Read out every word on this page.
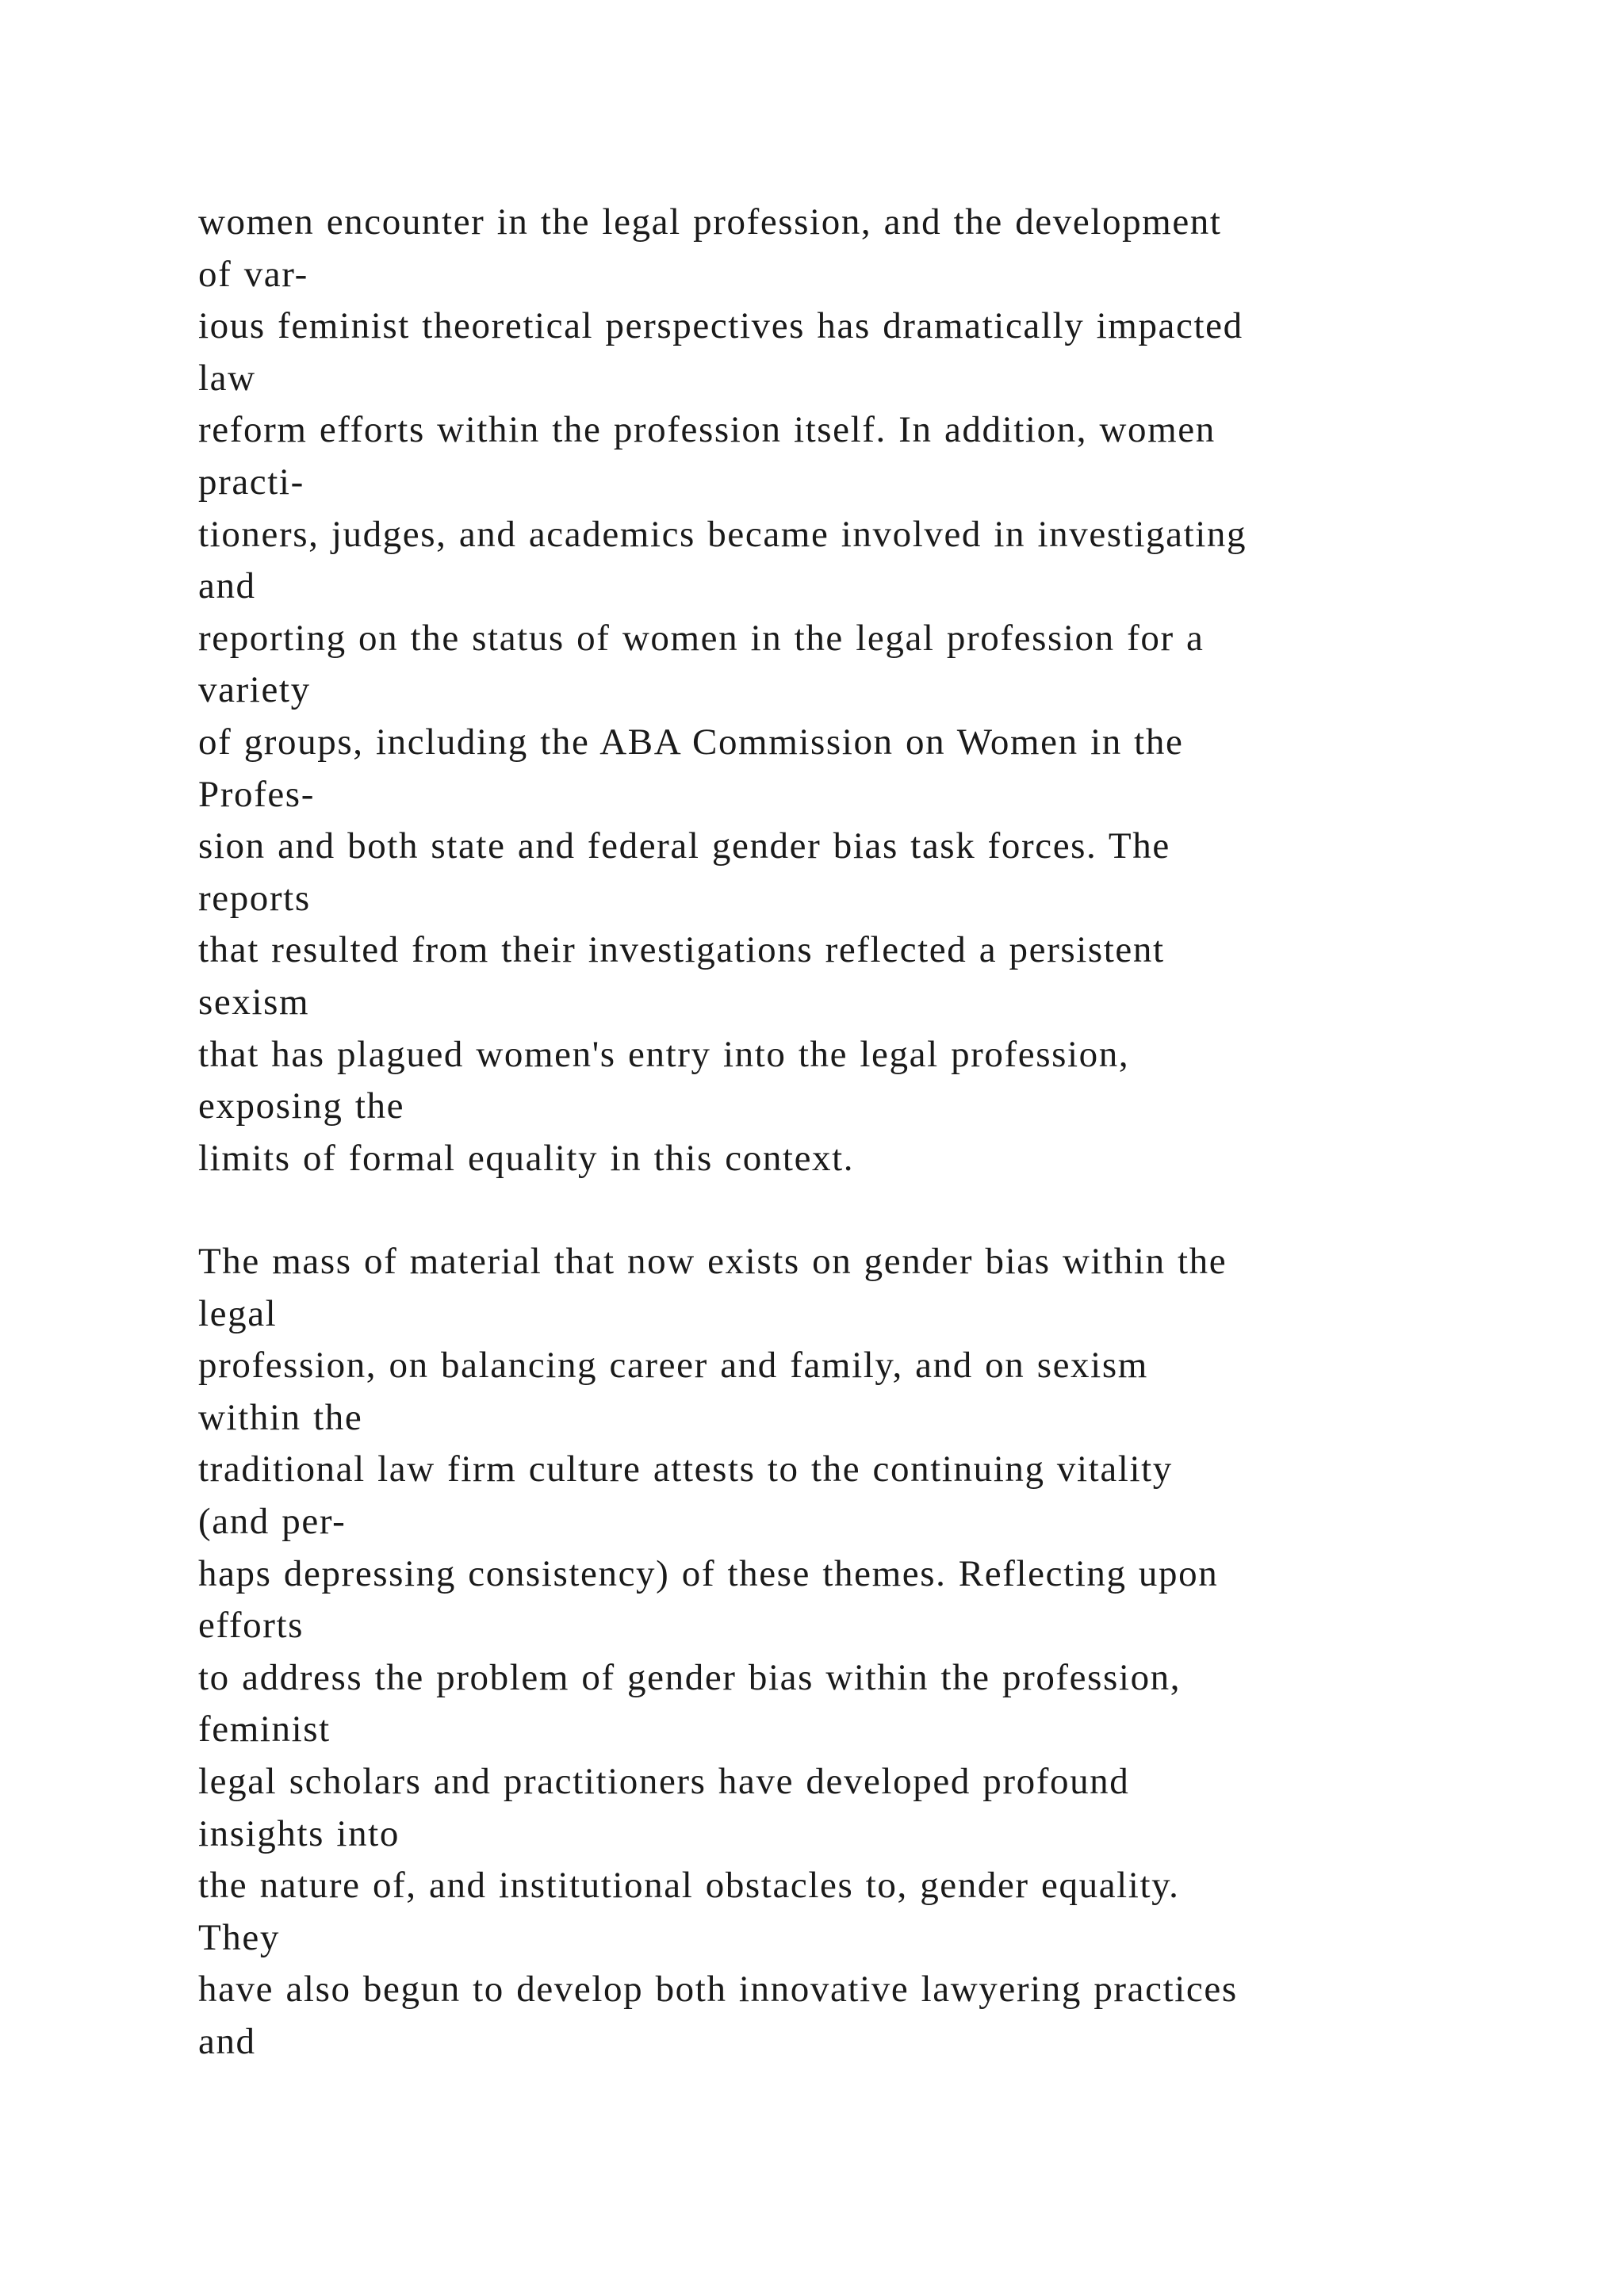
women encounter in the legal profession, and the development
of var-
ious feminist theoretical perspectives has dramatically impacted
law
reform efforts within the profession itself. In addition, women
practi-
tioners, judges, and academics became involved in investigating
and
reporting on the status of women in the legal profession for a
variety
of groups, including the ABA Commission on Women in the
Profes-
sion and both state and federal gender bias task forces. The
reports
that resulted from their investigations reflected a persistent
sexism
that has plagued women's entry into the legal profession,
exposing the
limits of formal equality in this context.
The mass of material that now exists on gender bias within the
legal
profession, on balancing career and family, and on sexism
within the
traditional law firm culture attests to the continuing vitality
(and per-
haps depressing consistency) of these themes. Reflecting upon
efforts
to address the problem of gender bias within the profession,
feminist
legal scholars and practitioners have developed profound
insights into
the nature of, and institutional obstacles to, gender equality.
They
have also begun to develop both innovative lawyering practices
and
